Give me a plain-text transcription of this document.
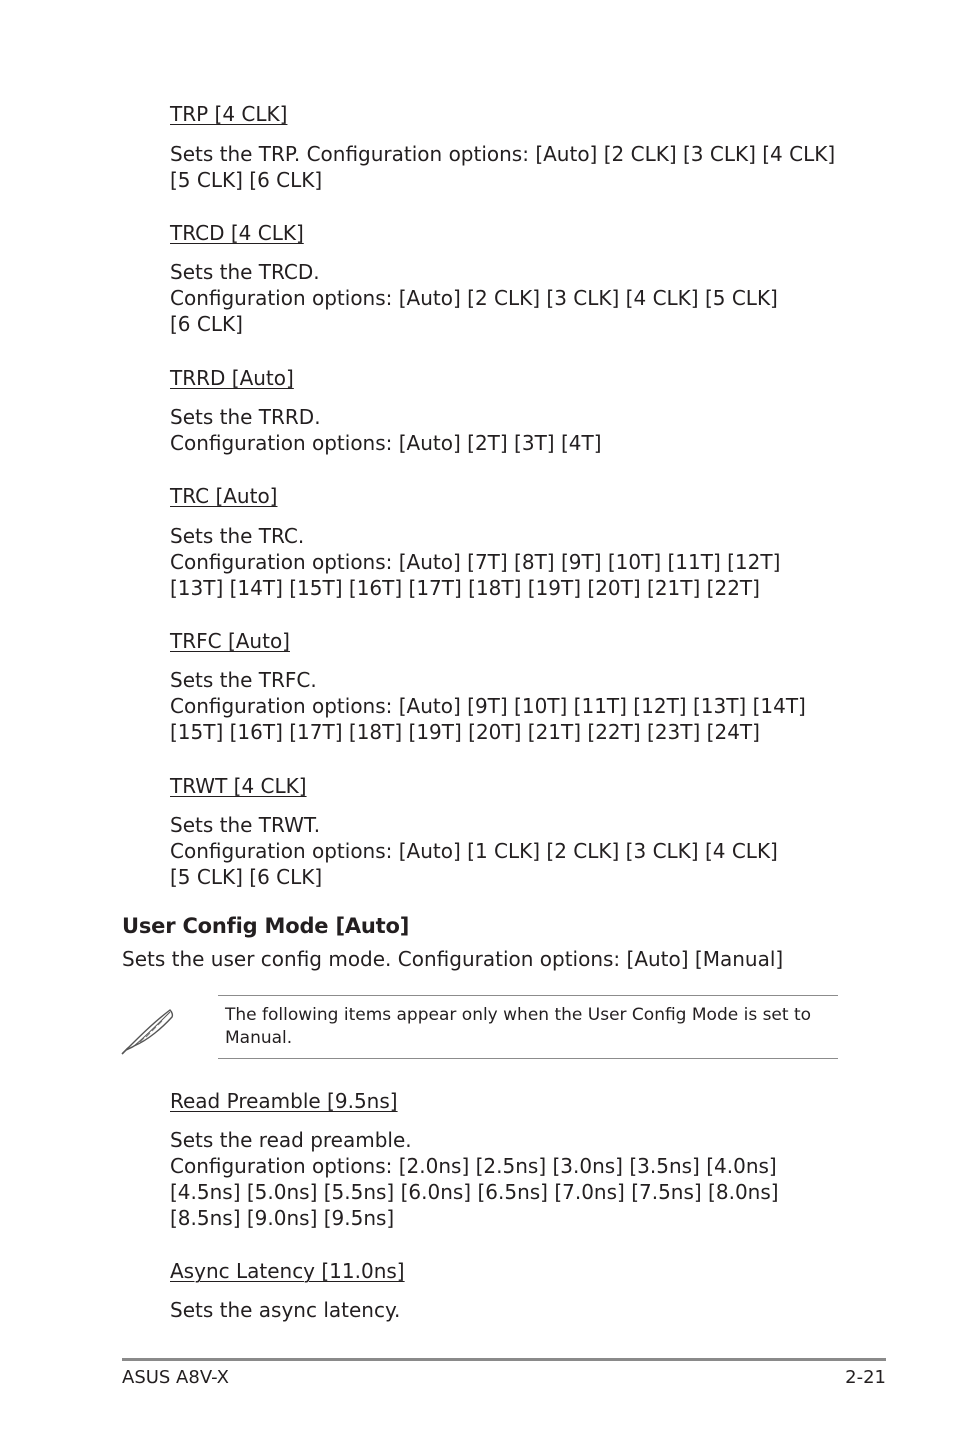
TRP [4 CLK]
Sets the TRP. Configuration options: [Auto] [2 CLK] [3 CLK] [4 CLK]
[5 CLK] [6 CLK]
TRCD [4 CLK]
Sets the TRCD.
Configuration options: [Auto] [2 CLK] [3 CLK] [4 CLK] [5 CLK]
[6 CLK]
TRRD [Auto]
Sets the TRRD.
Configuration options: [Auto] [2T] [3T] [4T]
TRC [Auto]
Sets the TRC.
Configuration options: [Auto] [7T] [8T] [9T] [10T] [11T] [12T]
[13T] [14T] [15T] [16T] [17T] [18T] [19T] [20T] [21T] [22T]
TRFC [Auto]
Sets the TRFC.
Configuration options: [Auto] [9T] [10T] [11T] [12T] [13T] [14T]
[15T] [16T] [17T] [18T] [19T] [20T] [21T] [22T] [23T] [24T]
TRWT [4 CLK]
Sets the TRWT.
Configuration options: [Auto] [1 CLK] [2 CLK] [3 CLK] [4 CLK]
[5 CLK] [6 CLK]
User Config Mode [Auto]
Sets the user config mode. Configuration options: [Auto] [Manual]
The following items appear only when the User Config Mode is set to Manual.
Read Preamble [9.5ns]
Sets the read preamble.
Configuration options: [2.0ns] [2.5ns] [3.0ns] [3.5ns] [4.0ns]
[4.5ns] [5.0ns] [5.5ns] [6.0ns] [6.5ns] [7.0ns] [7.5ns] [8.0ns]
[8.5ns] [9.0ns] [9.5ns]
Async Latency [11.0ns]
Sets the async latency.
ASUS A8V-X	2-21
